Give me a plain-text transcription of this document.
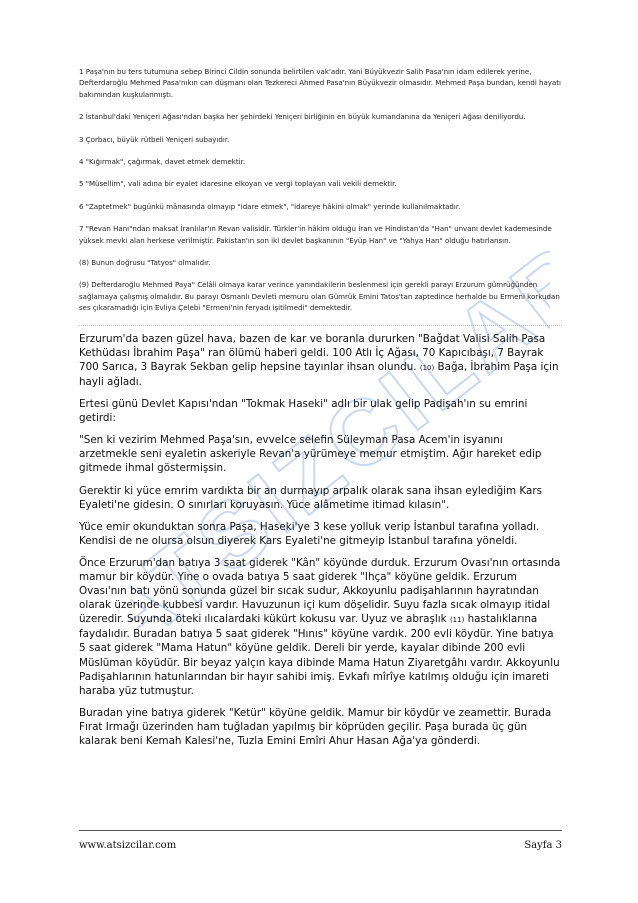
ATSIZCILAR

1 Paşa'nın bu ters tutumuna sebep Birinci Cildin sonunda belirtilen vak'adır. Yani Büyükvezir Salih Pasa'nın idam edilerek yerine, Defterdaroğlu Mehmed Pasa'nıkın can düşmanı olan Tezkereci Ahmed Pasa'nın Büyükvezir olmasıdır. Mehmed Paşa bundan, kendi hayatı bakımından kuşkulanmıştı.

2 İstanbul'daki Yeniçeri Ağası'ndan başka her şehirdeki Yeniçeri birliğinin en büyük kumandanına da Yeniçeri Ağası deniliyordu.

3 Çorbacı, büyük rütbeli Yeniçeri subayıdır.

4 "Kığırmak", çağırmak, davet etmek demektir.

5 "Müsellim", vali adına bir eyalet idaresine elkoyan ve vergi toplayan vali vekili demektir.

6 "Zaptetmek" bugünkü mânasında olmayıp "idare etmek", "idareye hâkini olmak" yerinde kullanılmaktadır.

7 "Revan Hanı"ndan maksat İranlılar'ın Revan valisidir. Türkler'in hâkim olduğu İran ve Hindistan'da "Han" unvanı devlet kademesinde yüksek mevki alan herkese verilmiştir. Pakistan'ın son iki devlet başkanının "Eyüp Han" ve "Yahya Han" olduğu hatırlansın.

(8) Bunun doğrusu "Tatyos" olmalıdır.

(9) Defterdaroğlu Mehmed Paya" Celâli olmaya karar verince yanındakilerin beslenmesi için gerekli parayı Erzurum gümrüğünden sağlamaya çalışmış olmalıdır. Bu parayı Osmanlı Devleti memuru olan Gümrük Emini Tatos'tan zaptedince herhalde bu Ermeni korkudan ses çıkaramadığı için Evliya Çelebi "Ermeni'nin feryadı işitilmedi" demektedir.

Erzurum'da bazen güzel hava, bazen de kar ve boranla dururken "Bağdat Valisi Salih Pasa Kethüdası İbrahim Paşa" ran ölümü haberi geldi. 100 Atlı İç Ağası, 70 Kapıcıbaşı, 7 Bayrak 700 Sarıca, 3 Bayrak Sekban gelip hepsine tayınlar ihsan olundu. (10) Bağa, İbrahim Paşa için hayli ağladı.

Ertesi günü Devlet Kapısı'ndan "Tokmak Haseki" adlı bir ulak gelip Padişah'ın su emrini getirdi:

"Sen ki vezirim Mehmed Paşa'sın, evvelce selefin Süleyman Pasa Acem'in isyanını arzetmekle seni eyaletin askeriyle Revan'a yürümeye memur etmiştim. Ağır hareket edip gitmede ihmal göstermişsin.

Gerektir ki yüce emrim vardıkta bir an durmayıp arpalık olarak sana ihsan eylediğim Kars Eyaleti'ne gidesin. O sınırları koruyasın. Yüce alâmetime itimad kılasın".

Yüce emir okunduktan sonra Paşa, Haseki'ye 3 kese yolluk verip İstanbul tarafına yolladı. Kendisi de ne olursa olsun diyerek Kars Eyaleti'ne gitmeyip İstanbul tarafına yöneldi.

Önce Erzurum'dan batıya 3 saat giderek "Kân" köyünde durduk. Erzurum Ovası'nın ortasında mamur bir köydür. Yine o ovada batıya 5 saat giderek "Ihça" köyüne geldik. Erzurum Ovası'nın batı yönü sonunda güzel bir sıcak sudur, Akkoyunlu padişahlarının hayratından olarak üzerinde kubbesi vardır. Havuzunun içi kum döşelidir. Suyu fazla sıcak olmayıp itidal üzeredir. Suyunda öteki ılıcalardaki kükürt kokusu var. Uyuz ve abraşlık (11) hastalıklarına faydalıdır. Buradan batıya 5 saat giderek "Hınıs" köyüne vardık. 200 evli köydür. Yine batıya 5 saat giderek "Mama Hatun" köyüne geldik. Dereli bir yerde, kayalar dibinde 200 evli Müslüman köyüdür. Bir beyaz yalçın kaya dibinde Mama Hatun Ziyaretgâhı vardır. Akkoyunlu Padişahlarının hatunlarından bir hayır sahibi imiş. Evkafı mîrîye katılmış olduğu için imareti haraba yüz tutmuştur.

Buradan yine batıya giderek "Ketür" köyüne geldik. Mamur bir köydür ve zeamettir. Burada Fırat Irmağı üzerinden ham tuğladan yapılmış bir köprüden geçilir. Paşa burada üç gün kalarak beni Kemah Kalesi'ne, Tuzla Emini Emîri Ahur Hasan Ağa'ya gönderdi.

www.atsizcilar.com	Sayfa 3
